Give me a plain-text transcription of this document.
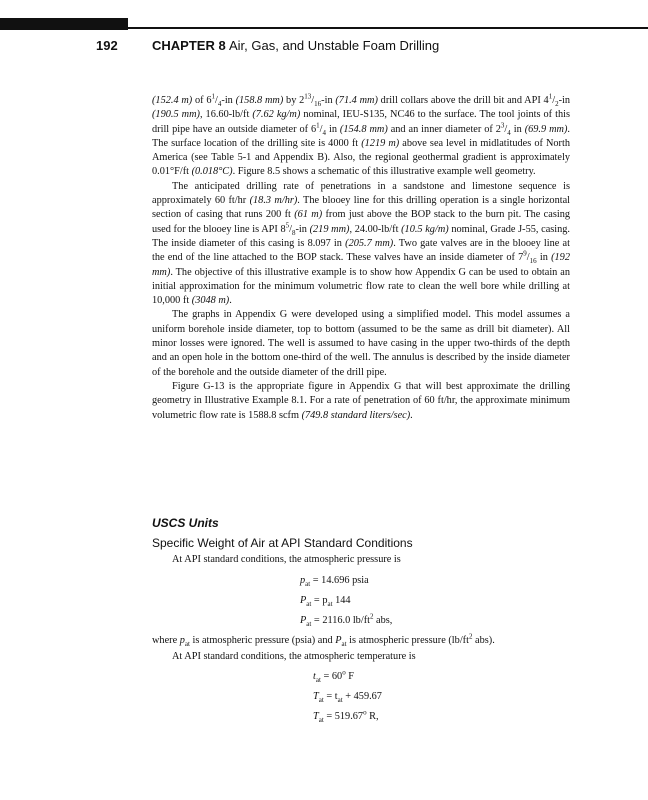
192	CHAPTER 8 Air, Gas, and Unstable Foam Drilling

(152.4 m) of $6^1/_4-in$ (158.8 mm) by $2^{13}/_{16}-in$ (71.4 mm) drill collars above the drill bit and API $4^1/_2-in$ (190.5 mm), 16.60-lb/ft (7.62 kg/m) nominal, IEU-S135, NC46 to the surface. The tool joints of this drill pipe have an outside diameter of $6^1/_4$ in (154.8 mm) and an inner diameter of $2^3/_4$ in (69.9 mm). The surface location of the drilling site is 4000 ft (1219 m) above sea level in midlatitudes of North America (see Table 5-1 and Appendix B). Also, the regional geothermal gradient is approximately 0.01°F/ft (0.018°C). Figure 8.5 shows a schematic of this illustrative example well geometry.

The anticipated drilling rate of penetrations in a sandstone and limestone sequence is approximately 60 ft/hr (18.3 m/hr). The blooey line for this drilling operation is a single horizontal section of casing that runs 200 ft (61 m) from just above the BOP stack to the burn pit. The casing used for the blooey line is API $8^5/_8-in$ (219 mm), 24.00-lb/ft (10.5 kg/m) nominal, Grade J-55, casing. The inside diameter of this casing is 8.097 in (205.7 mm). Two gate valves are in the blooey line at the end of the line attached to the BOP stack. These valves have an inside diameter of $7^9/_{16}$ in (192 mm). The objective of this illustrative example is to show how Appendix G can be used to obtain an initial approximation for the minimum volumetric flow rate to clean the well bore while drilling at 10,000 ft (3048 m).

The graphs in Appendix G were developed using a simplified model. This model assumes a uniform borehole inside diameter, top to bottom (assumed to be the same as drill bit diameter). All minor losses were ignored. The well is assumed to have casing in the upper two-thirds of the depth and an open hole in the bottom one-third of the well. The annulus is described by the inside diameter of the borehole and the outside diameter of the drill pipe.

Figure G-13 is the appropriate figure in Appendix G that will best approximate the drilling geometry in Illustrative Example 8.1. For a rate of penetration of 60 ft/hr, the approximate minimum volumetric flow rate is 1588.8 scfm (749.8 standard liters/sec).

USCS Units
Specific Weight of Air at API Standard Conditions
At API standard conditions, the atmospheric pressure is
$p_{at} = 14.696$ psia
$P_{at} = p_{at}$ 144
$P_{at} = 2116.0$ $lb/ft^2$ abs,
where $p_{at}$ is atmospheric pressure (psia) and $P_{at}$ is atmospheric pressure ($lb/ft^2$ abs).
At API standard conditions, the atmospheric temperature is
$t_{at} = 60^o$ F
$T_{at} = t_{at} + 459.67$
$T_{at} = 519.67^o$ R,
